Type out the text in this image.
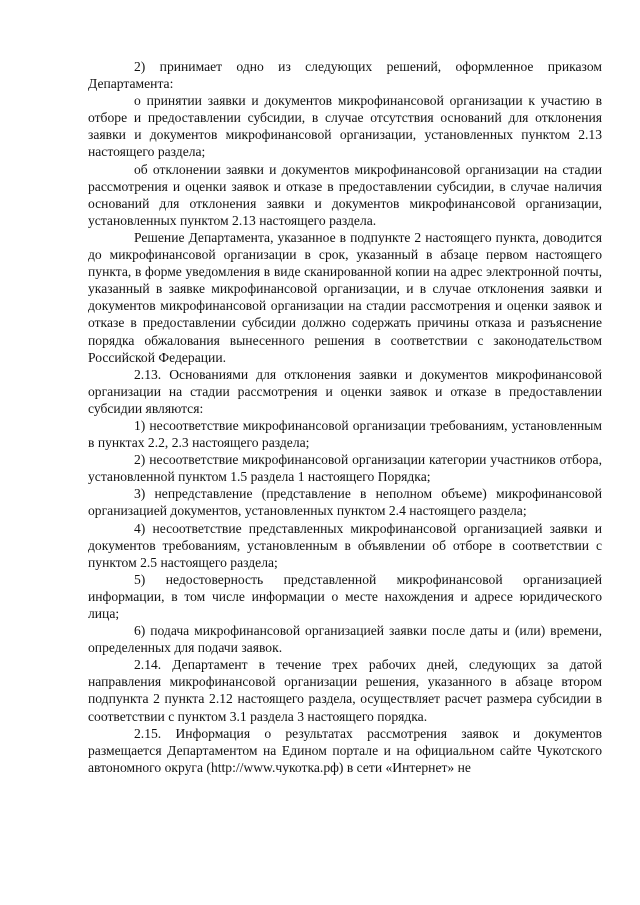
2) принимает одно из следующих решений, оформленное приказом Департамента:

о принятии заявки и документов микрофинансовой организации к участию в отборе и предоставлении субсидии, в случае отсутствия оснований для отклонения заявки и документов микрофинансовой организации, установленных пунктом 2.13 настоящего раздела;

об отклонении заявки и документов микрофинансовой организации на стадии рассмотрения и оценки заявок и отказе в предоставлении субсидии, в случае наличия оснований для отклонения заявки и документов микрофинансовой организации, установленных пунктом 2.13 настоящего раздела.

Решение Департамента, указанное в подпункте 2 настоящего пункта, доводится до микрофинансовой организации в срок, указанный в абзаце первом настоящего пункта, в форме уведомления в виде сканированной копии на адрес электронной почты, указанный в заявке микрофинансовой организации, и в случае отклонения заявки и документов микрофинансовой организации на стадии рассмотрения и оценки заявок и отказе в предоставлении субсидии должно содержать причины отказа и разъяснение порядка обжалования вынесенного решения в соответствии с законодательством Российской Федерации.

2.13. Основаниями для отклонения заявки и документов микрофинансовой организации на стадии рассмотрения и оценки заявок и отказе в предоставлении субсидии являются:

1) несоответствие микрофинансовой организации требованиям, установленным в пунктах 2.2, 2.3 настоящего раздела;

2) несоответствие микрофинансовой организации категории участников отбора, установленной пунктом 1.5 раздела 1 настоящего Порядка;

3) непредставление (представление в неполном объеме) микрофинансовой организацией документов, установленных пунктом 2.4 настоящего раздела;

4) несоответствие представленных микрофинансовой организацией заявки и документов требованиям, установленным в объявлении об отборе в соответствии с пунктом 2.5 настоящего раздела;

5) недостоверность представленной микрофинансовой организацией информации, в том числе информации о месте нахождения и адресе юридического лица;

6) подача микрофинансовой организацией заявки после даты и (или) времени, определенных для подачи заявок.

2.14. Департамент в течение трех рабочих дней, следующих за датой направления микрофинансовой организации решения, указанного в абзаце втором подпункта 2 пункта 2.12 настоящего раздела, осуществляет расчет размера субсидии в соответствии с пунктом 3.1 раздела 3 настоящего порядка.

2.15. Информация о результатах рассмотрения заявок и документов размещается Департаментом на Едином портале и на официальном сайте Чукотского автономного округа (http://www.чукотка.рф) в сети «Интернет» не
